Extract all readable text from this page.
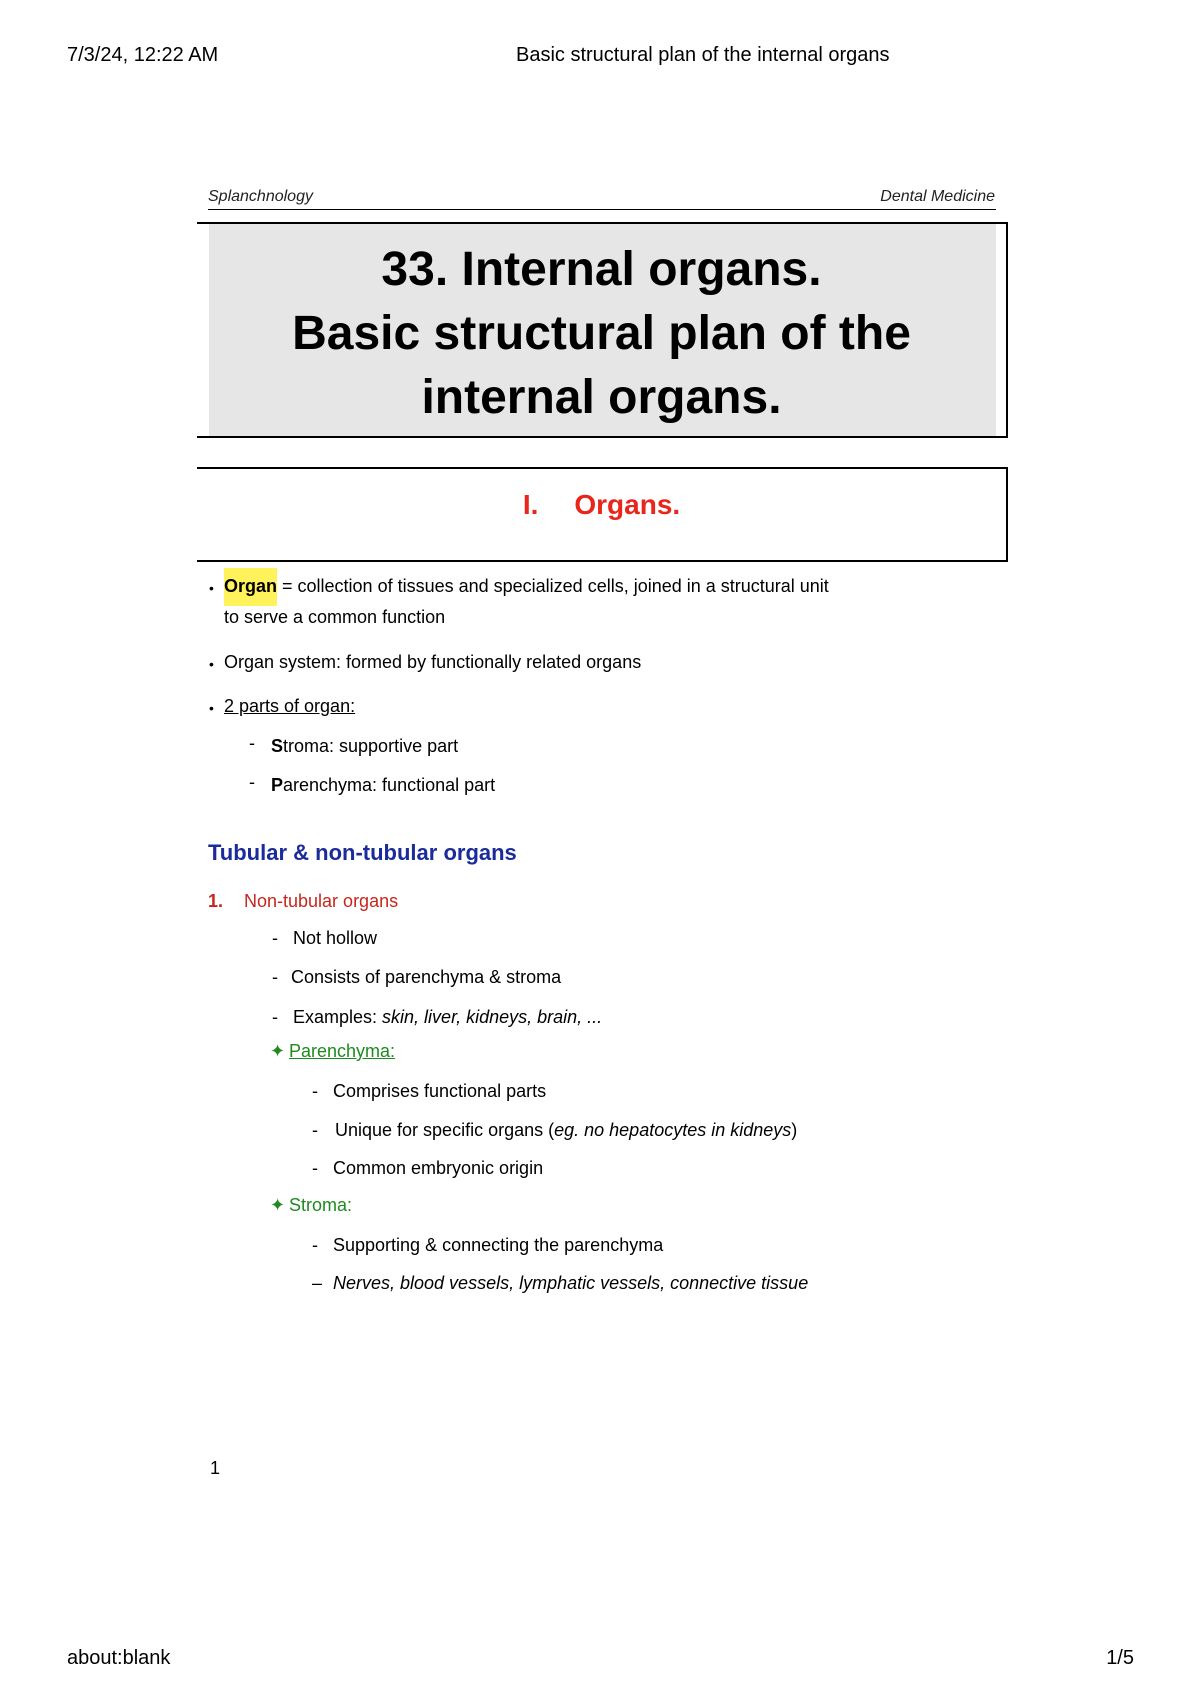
7/3/24, 12:22 AM	Basic structural plan of the internal organs
Splanchnology	Dental Medicine
33. Internal organs.
Basic structural plan of the
internal organs.
I. Organs.
• Organ = collection of tissues and specialized cells, joined in a structural unit
to serve a common function
• Organ system: formed by functionally related organs
• 2 parts of organ:
- Stroma: supportive part
- Parenchyma: functional part
Tubular & non-tubular organs
1. Non-tubular organs
- Not hollow
- Consists of parenchyma & stroma
- Examples: skin, liver, kidneys, brain, ...
✦ Parenchyma:
- Comprises functional parts
- Unique for specific organs (eg. no hepatocytes in kidneys)
- Common embryonic origin
✦ Stroma:
- Supporting & connecting the parenchyma
– Nerves, blood vessels, lymphatic vessels, connective tissue
1
about:blank	1/5
